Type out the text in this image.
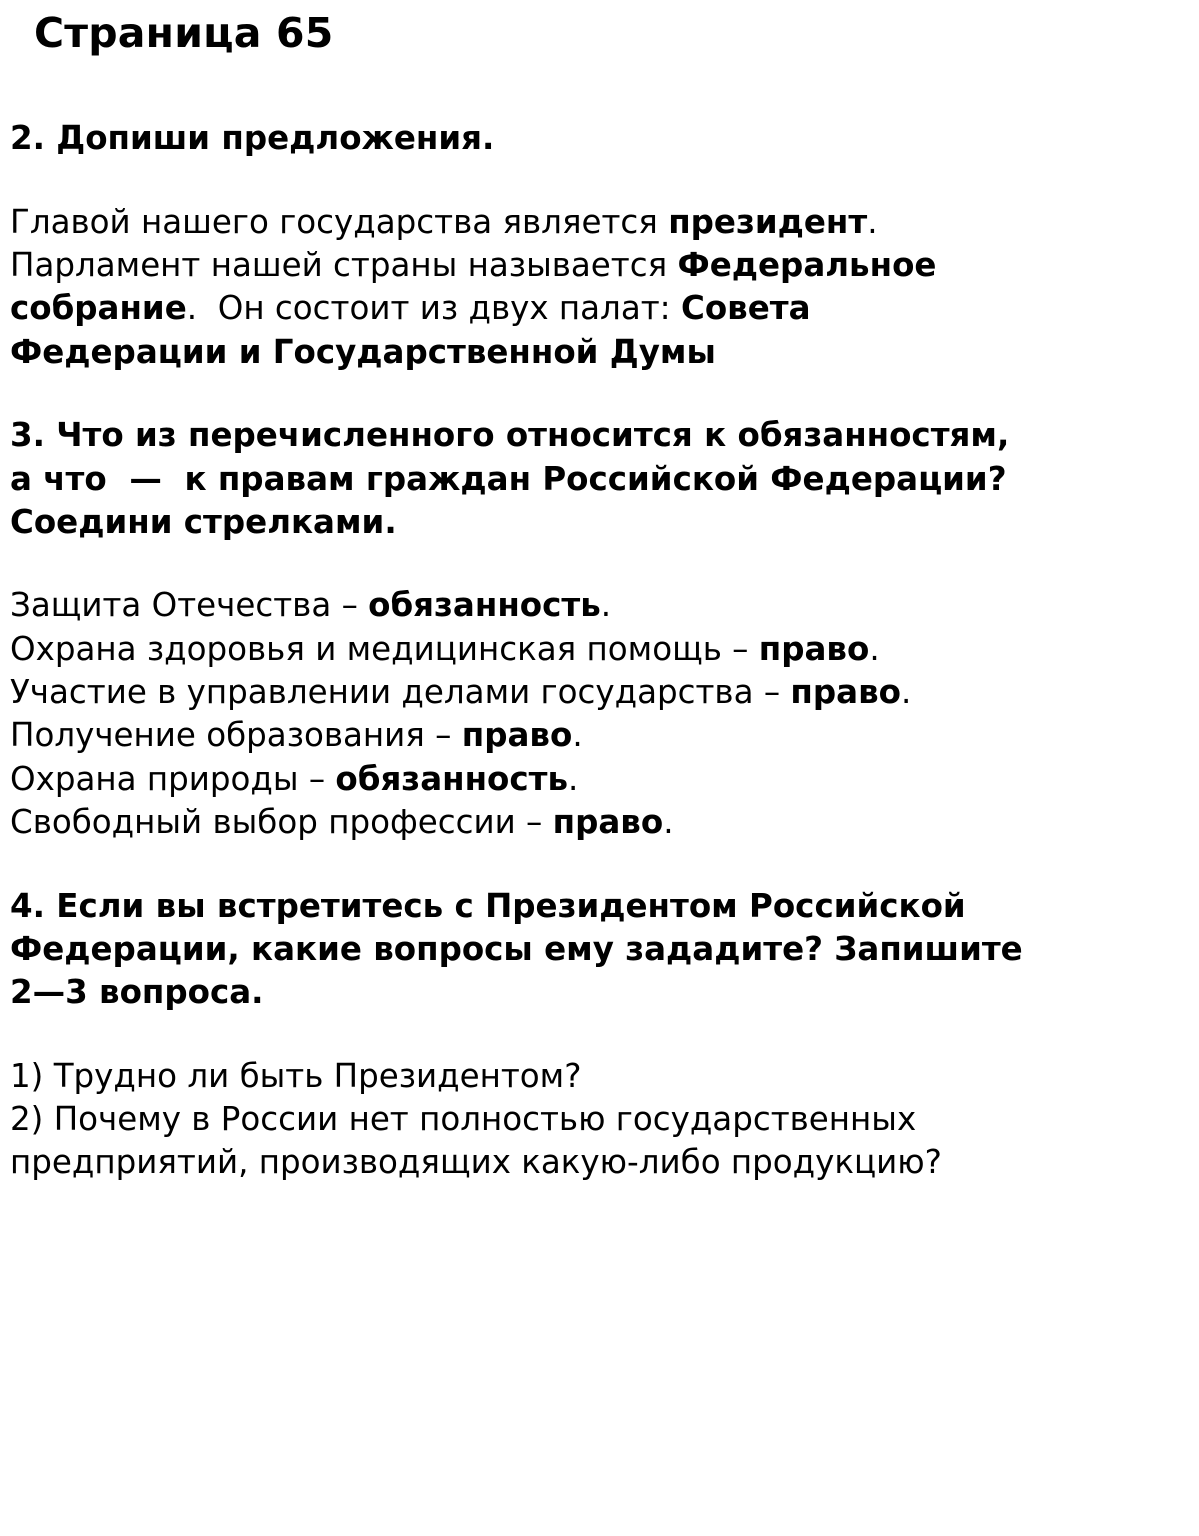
Страница 65
2. Допиши предложения.
Главой нашего государства является президент.
Парламент нашей страны называется Федеральное
собрание.  Он состоит из двух палат: Совета
Федерации и Государственной Думы
3. Что из перечисленного относится к обязанностям,
а что  —  к правам граждан Российской Федерации?
Соедини стрелками.
Защита Отечества – обязанность.
Охрана здоровья и медицинская помощь – право.
Участие в управлении делами государства – право.
Получение образования – право.
Охрана природы – обязанность.
Свободный выбор профессии – право.
4. Если вы встретитесь с Президентом Российской
Федерации, какие вопросы ему зададите? Запишите
2—3 вопроса.
1) Трудно ли быть Президентом?
2) Почему в России нет полностью государственных
предприятий, производящих какую-либо продукцию?
